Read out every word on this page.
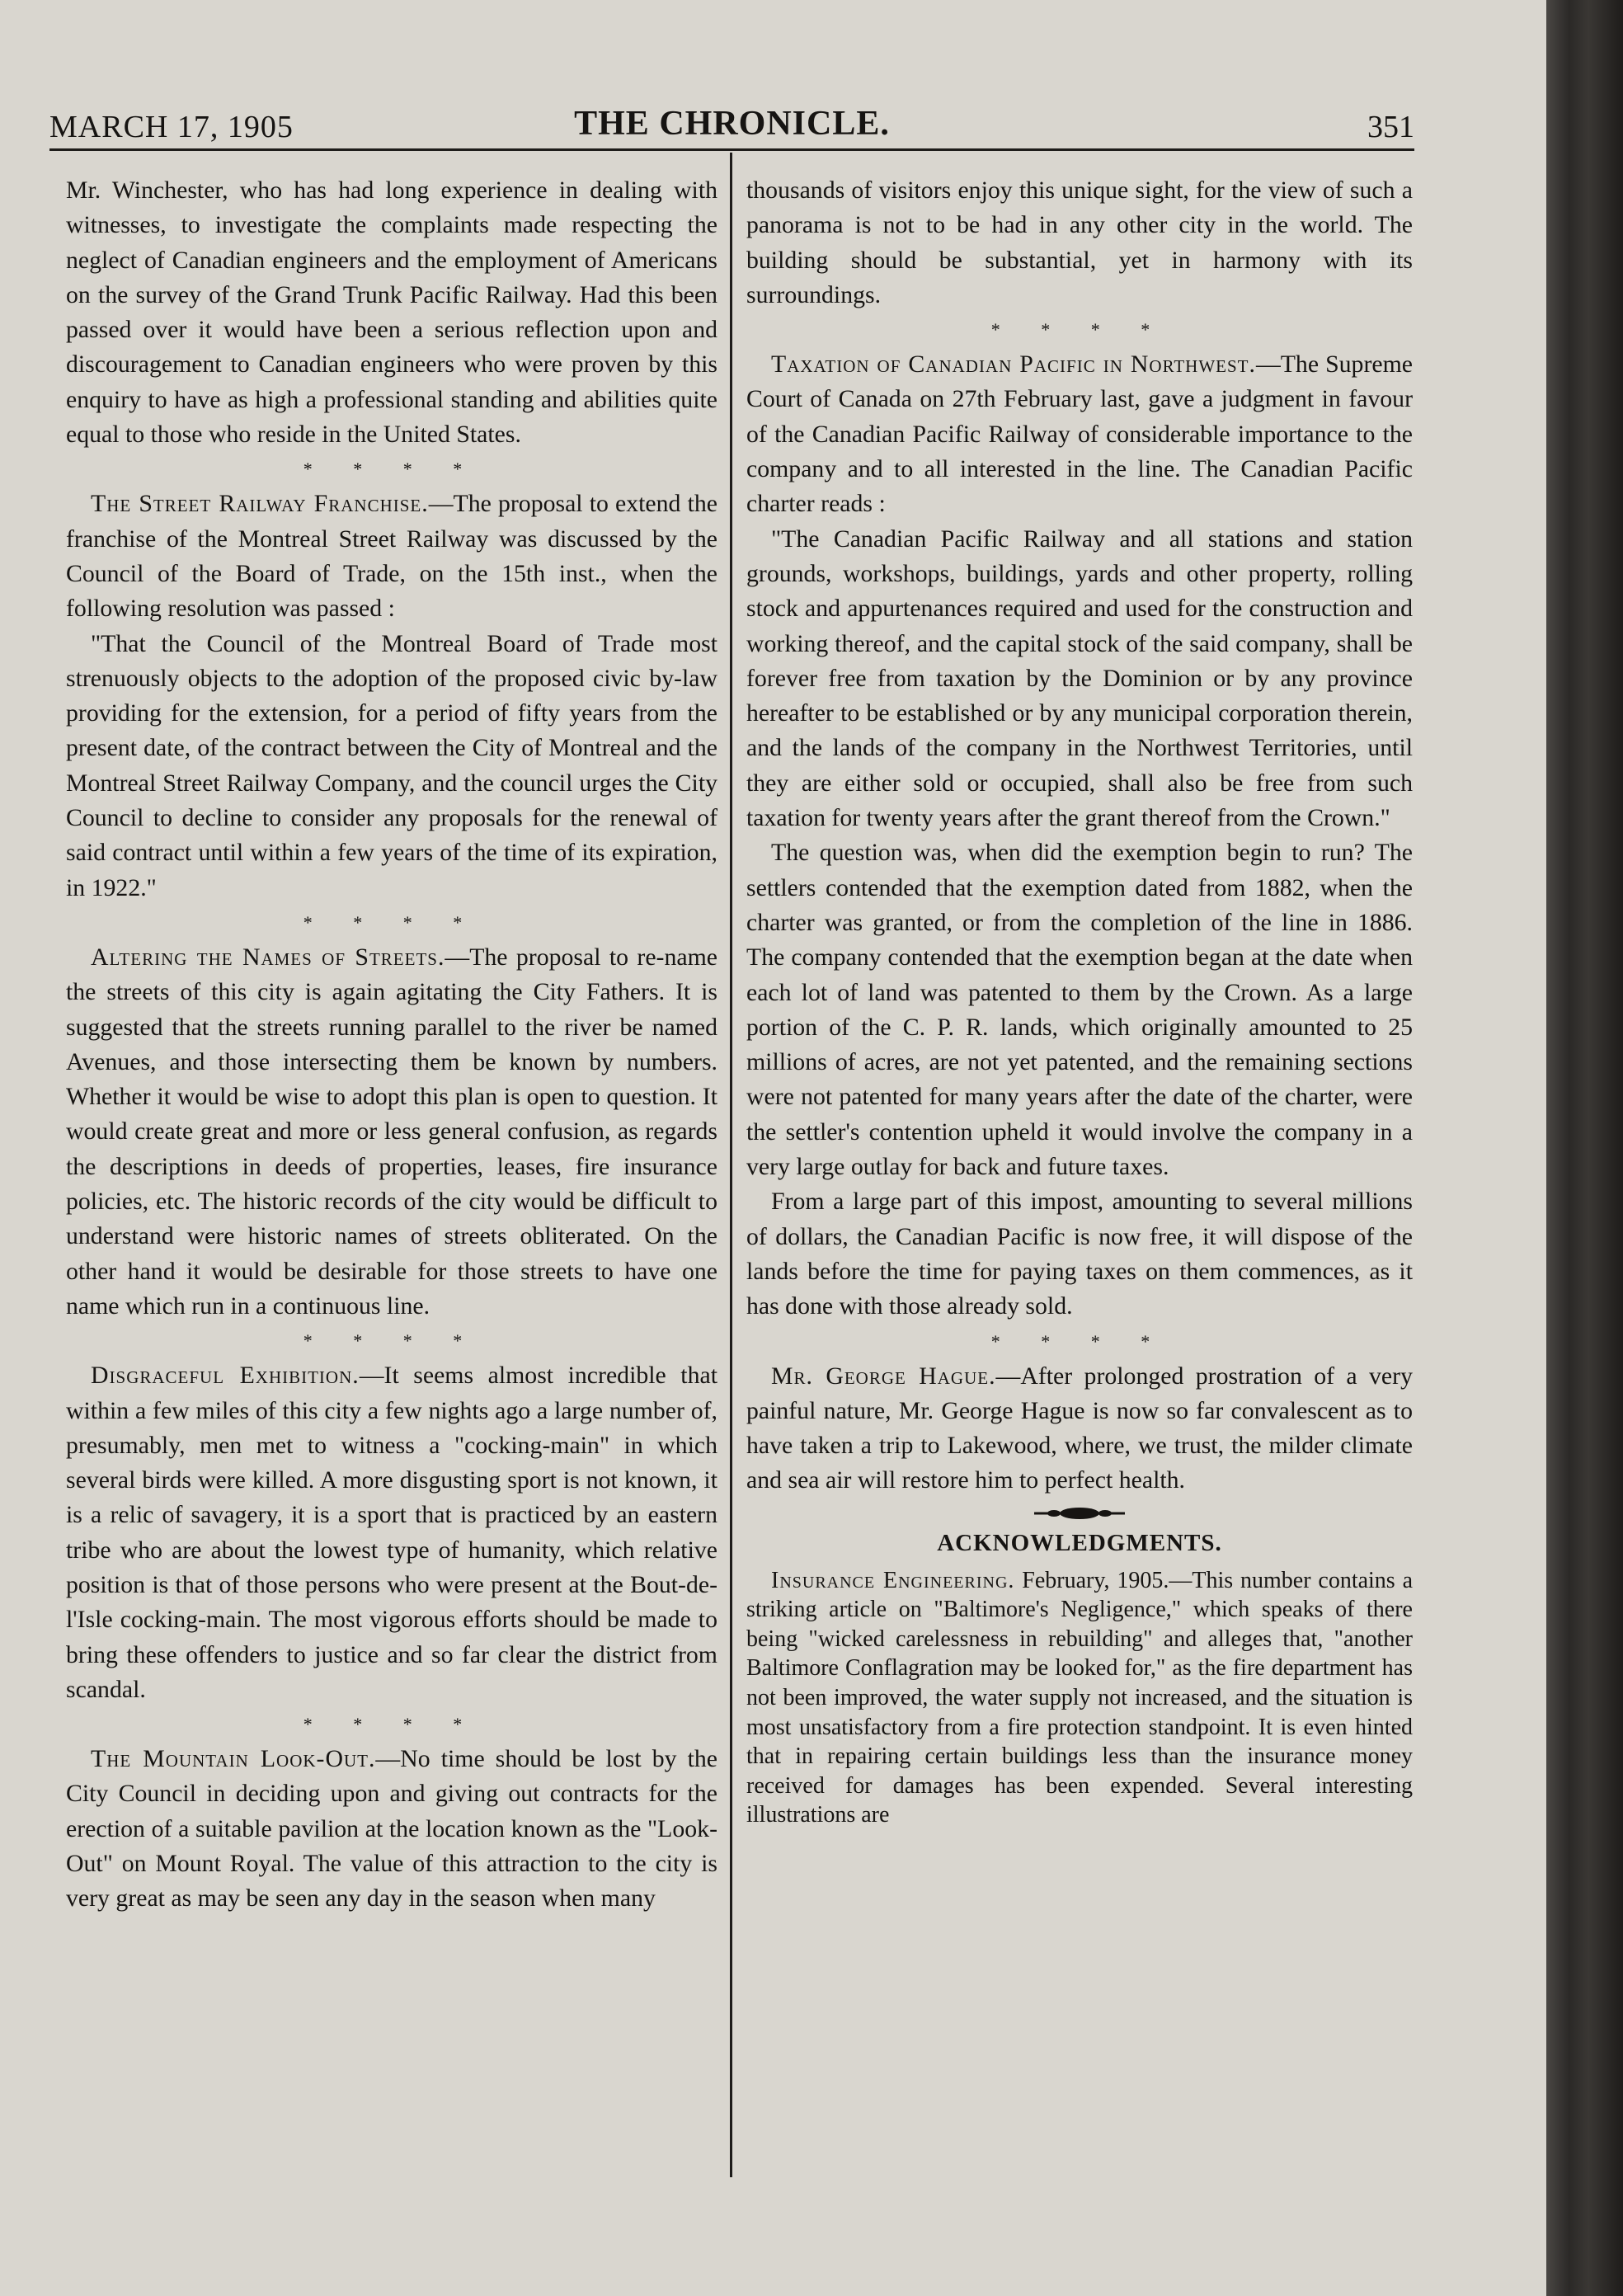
MARCH 17, 1905	THE CHRONICLE.	351

Mr. Winchester, who has had long experience in dealing with witnesses, to investigate the complaints made respecting the neglect of Canadian engineers and the employment of Americans on the survey of the Grand Trunk Pacific Railway. Had this been passed over it would have been a serious reflection upon and discouragement to Canadian engineers who were proven by this enquiry to have as high a professional standing and abilities quite equal to those who reside in the United States.

* * * *

The Street Railway Franchise.—The proposal to extend the franchise of the Montreal Street Railway was discussed by the Council of the Board of Trade, on the 15th inst., when the following resolution was passed :

"That the Council of the Montreal Board of Trade most strenuously objects to the adoption of the proposed civic by-law providing for the extension, for a period of fifty years from the present date, of the contract between the City of Montreal and the Montreal Street Railway Company, and the council urges the City Council to decline to consider any proposals for the renewal of said contract until within a few years of the time of its expiration, in 1922."

* * * *

Altering the Names of Streets.—The proposal to re-name the streets of this city is again agitating the City Fathers. It is suggested that the streets running parallel to the river be named Avenues, and those intersecting them be known by numbers. Whether it would be wise to adopt this plan is open to question. It would create great and more or less general confusion, as regards the descriptions in deeds of properties, leases, fire insurance policies, etc. The historic records of the city would be difficult to understand were historic names of streets obliterated. On the other hand it would be desirable for those streets to have one name which run in a continuous line.

* * * *

Disgraceful Exhibition.—It seems almost incredible that within a few miles of this city a few nights ago a large number of, presumably, men met to witness a "cocking-main" in which several birds were killed. A more disgusting sport is not known, it is a relic of savagery, it is a sport that is practiced by an eastern tribe who are about the lowest type of humanity, which relative position is that of those persons who were present at the Bout-de-l'Isle cocking-main. The most vigorous efforts should be made to bring these offenders to justice and so far clear the district from scandal.

* * * *

The Mountain Look-Out.—No time should be lost by the City Council in deciding upon and giving out contracts for the erection of a suitable pavilion at the location known as the "Look-Out" on Mount Royal. The value of this attraction to the city is very great as may be seen any day in the season when many

thousands of visitors enjoy this unique sight, for the view of such a panorama is not to be had in any other city in the world. The building should be substantial, yet in harmony with its surroundings.

* * * *

Taxation of Canadian Pacific in Northwest.—The Supreme Court of Canada on 27th February last, gave a judgment in favour of the Canadian Pacific Railway of considerable importance to the company and to all interested in the line. The Canadian Pacific charter reads :

"The Canadian Pacific Railway and all stations and station grounds, workshops, buildings, yards and other property, rolling stock and appurtenances required and used for the construction and working thereof, and the capital stock of the said company, shall be forever free from taxation by the Dominion or by any province hereafter to be established or by any municipal corporation therein, and the lands of the company in the Northwest Territories, until they are either sold or occupied, shall also be free from such taxation for twenty years after the grant thereof from the Crown."

The question was, when did the exemption begin to run? The settlers contended that the exemption dated from 1882, when the charter was granted, or from the completion of the line in 1886. The company contended that the exemption began at the date when each lot of land was patented to them by the Crown. As a large portion of the C. P. R. lands, which originally amounted to 25 millions of acres, are not yet patented, and the remaining sections were not patented for many years after the date of the charter, were the settler's contention upheld it would involve the company in a very large outlay for back and future taxes.

From a large part of this impost, amounting to several millions of dollars, the Canadian Pacific is now free, it will dispose of the lands before the time for paying taxes on them commences, as it has done with those already sold.

* * * *

Mr. George Hague.—After prolonged prostration of a very painful nature, Mr. George Hague is now so far convalescent as to have taken a trip to Lakewood, where, we trust, the milder climate and sea air will restore him to perfect health.

ACKNOWLEDGMENTS.

Insurance Engineering. February, 1905.—This number contains a striking article on "Baltimore's Negligence," which speaks of there being "wicked carelessness in rebuilding" and alleges that, "another Baltimore Conflagration may be looked for," as the fire department has not been improved, the water supply not increased, and the situation is most unsatisfactory from a fire protection standpoint. It is even hinted that in repairing certain buildings less than the insurance money received for damages has been expended. Several interesting illustrations are
